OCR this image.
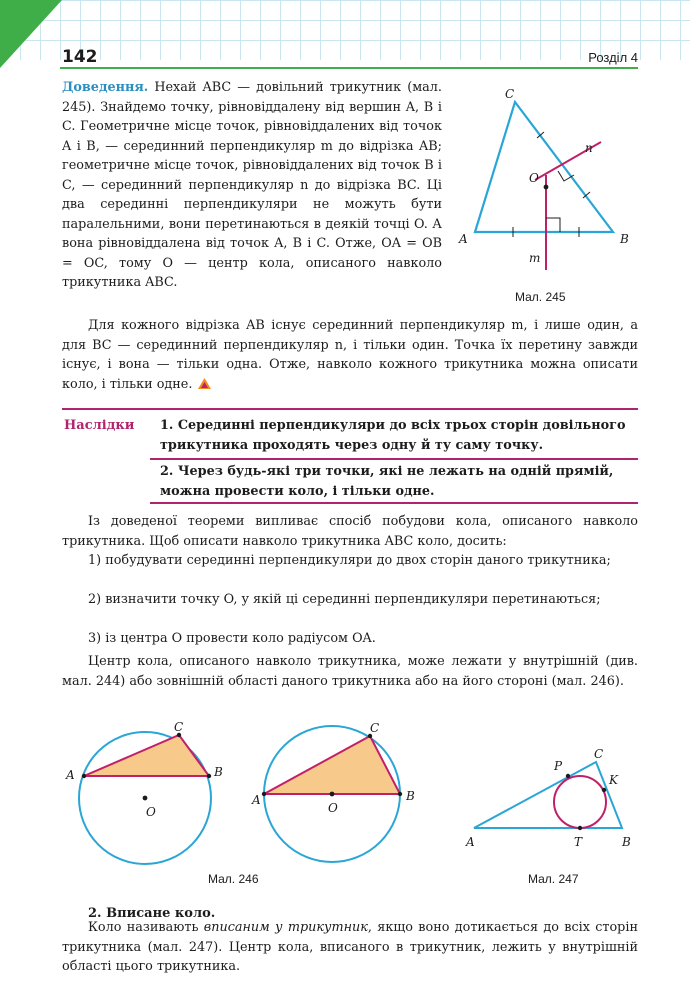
142	Розділ 4

Доведення. Нехай ABC — довільний трикутник (мал. 245). Знайдемо точку, рівновіддалену від вершин A, B і C. Геометричне місце точок, рівновіддалених від точок A і B, — серединний перпендикуляр m до відрізка AB; геометричне місце точок, рівновіддалених від точок B і C, — серединний перпендикуляр n до відрізка BC. Ці два серединні перпендикуляри не можуть бути паралельними, вони перетинаються в деякій точці O. А вона рівновіддалена від точок A, B і C. Отже, OA = OB = OC, тому O — центр кола, описаного навколо трикутника ABC.

A	B
C
O
m
n
Мал. 245

Для кожного відрізка AB існує серединний перпендикуляр m, і лише один, а для BC — серединний перпендикуляр n, і тільки один. Точка їх перетину завжди існує, і вона — тільки одна. Отже, навколо кожного трикутника можна описати коло, і тільки одне.

Наслідки 1. Серединні перпендикуляри до всіх трьох сторін довільного трикутника проходять через одну й ту саму точку.

2. Через будь-які три точки, які не лежать на одній прямій, можна провести коло, і тільки одне.

Із доведеної теореми випливає спосіб побудови кола, описаного навколо трикутника. Щоб описати навколо трикутника ABC коло, досить:

1) побудувати серединні перпендикуляри до двох сторін даного трикутника;

2) визначити точку O, у якій ці серединні перпендикуляри перетинаються;

3) із центра O провести коло радіусом OA.

Центр кола, описаного навколо трикутника, може лежати у внутрішній (див. мал. 244) або зовнішній області даного трикутника або на його стороні (мал. 246).

A	B
C
O
A	B
C
O
Мал. 246
A	B
C
P
K
T
Мал. 247
2. Вписане коло.

Коло називають вписаним у трикутник, якщо воно дотикається до всіх сторін трикутника (мал. 247). Центр кола, вписаного в трикутник, лежить у внутрішній області цього трикутника.
